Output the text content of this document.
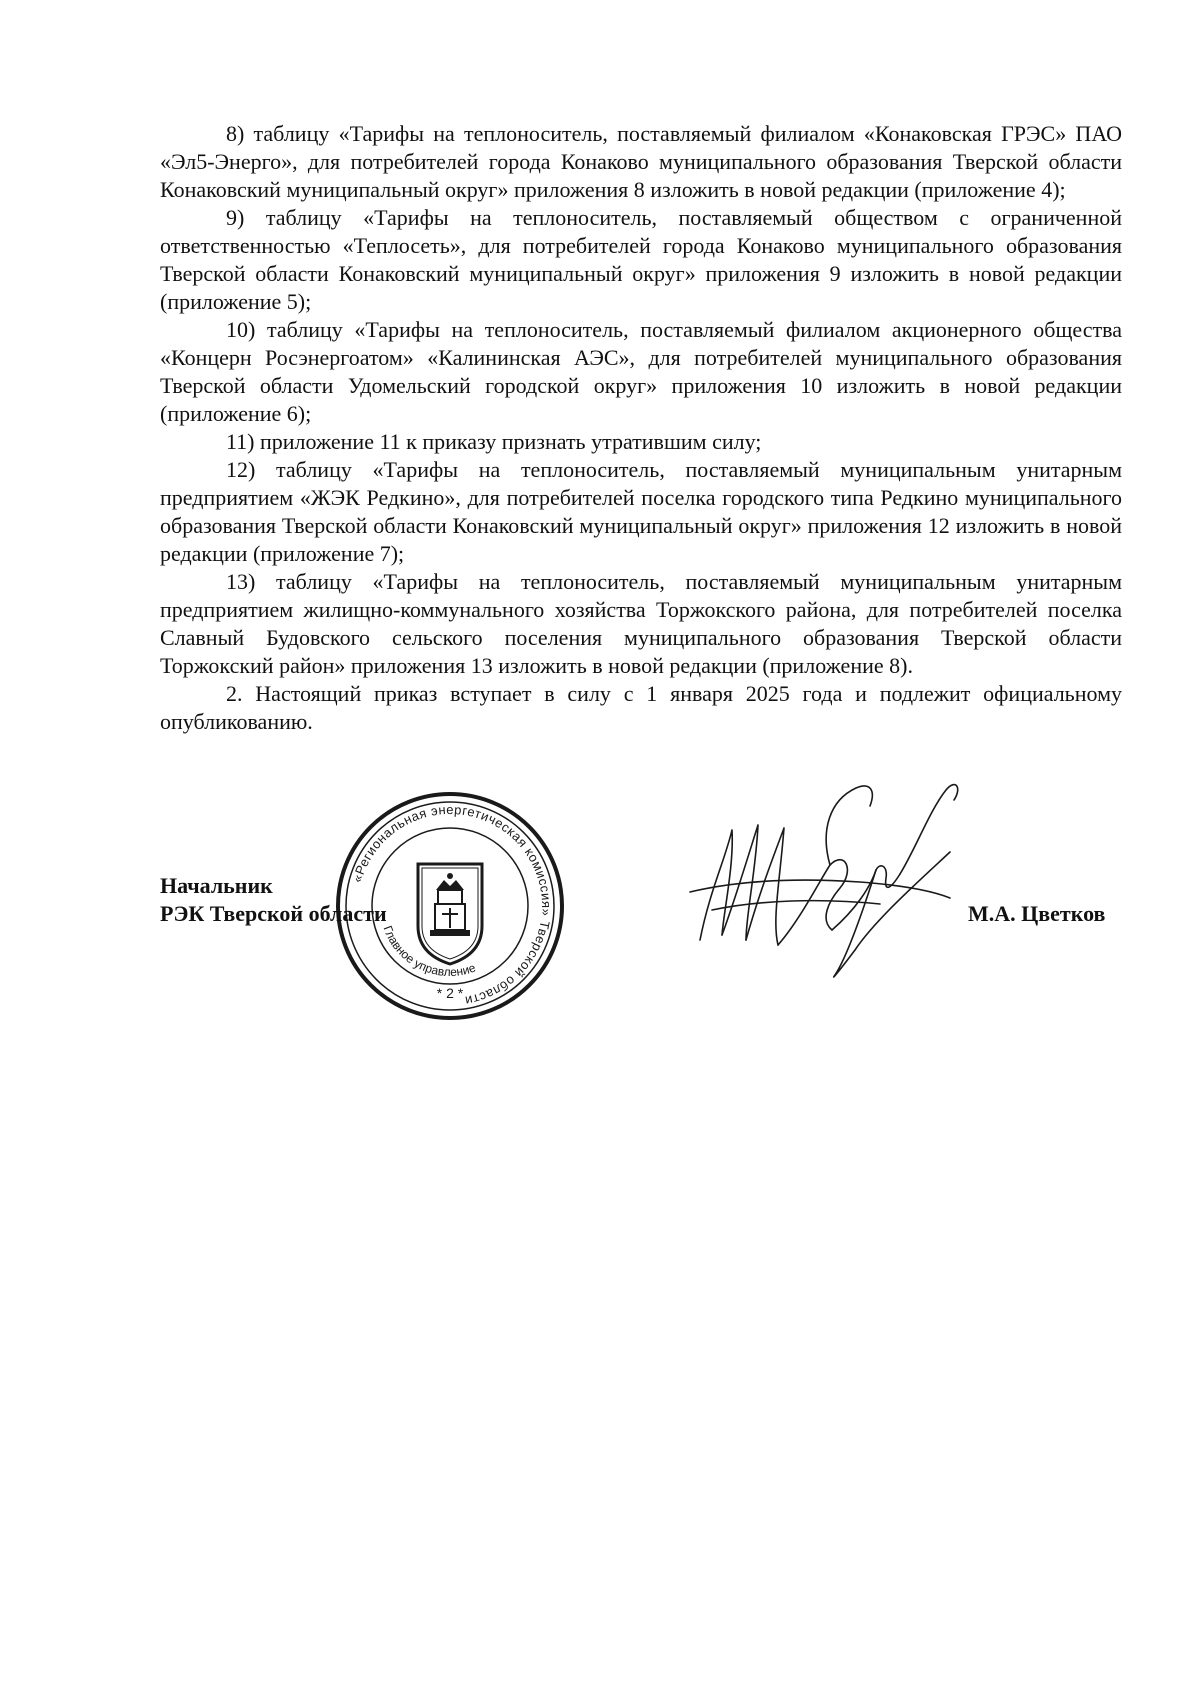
8) таблицу «Тарифы на теплоноситель, поставляемый филиалом «Конаковская ГРЭС» ПАО «Эл5-Энерго», для потребителей города Конаково муниципального образования Тверской области Конаковский муниципальный округ» приложения 8 изложить в новой редакции (приложение 4);

9) таблицу «Тарифы на теплоноситель, поставляемый обществом с ограниченной ответственностью «Теплосеть», для потребителей города Конаково муниципального образования Тверской области Конаковский муниципальный округ» приложения 9 изложить в новой редакции (приложение 5);

10) таблицу «Тарифы на теплоноситель, поставляемый филиалом акционерного общества «Концерн Росэнергоатом» «Калининская АЭС», для потребителей муниципального образования Тверской области Удомельский городской округ» приложения 10 изложить в новой редакции (приложение 6);

11) приложение 11 к приказу признать утратившим силу;

12) таблицу «Тарифы на теплоноситель, поставляемый муниципальным унитарным предприятием «ЖЭК Редкино», для потребителей поселка городского типа Редкино муниципального образования Тверской области Конаковский муниципальный округ» приложения 12 изложить в новой редакции (приложение 7);

13) таблицу «Тарифы на теплоноситель, поставляемый муниципальным унитарным предприятием жилищно-коммунального хозяйства Торжокского района, для потребителей поселка Славный Будовского сельского поселения муниципального образования Тверской области Торжокский район» приложения 13 изложить в новой редакции (приложение 8).

2. Настоящий приказ вступает в силу с 1 января 2025 года и подлежит официальному опубликованию.

«Региональная энергетическая комиссия» Тверской области
Главное управление
* 2 *
Начальник
РЭК Тверской области	М.А. Цветков
